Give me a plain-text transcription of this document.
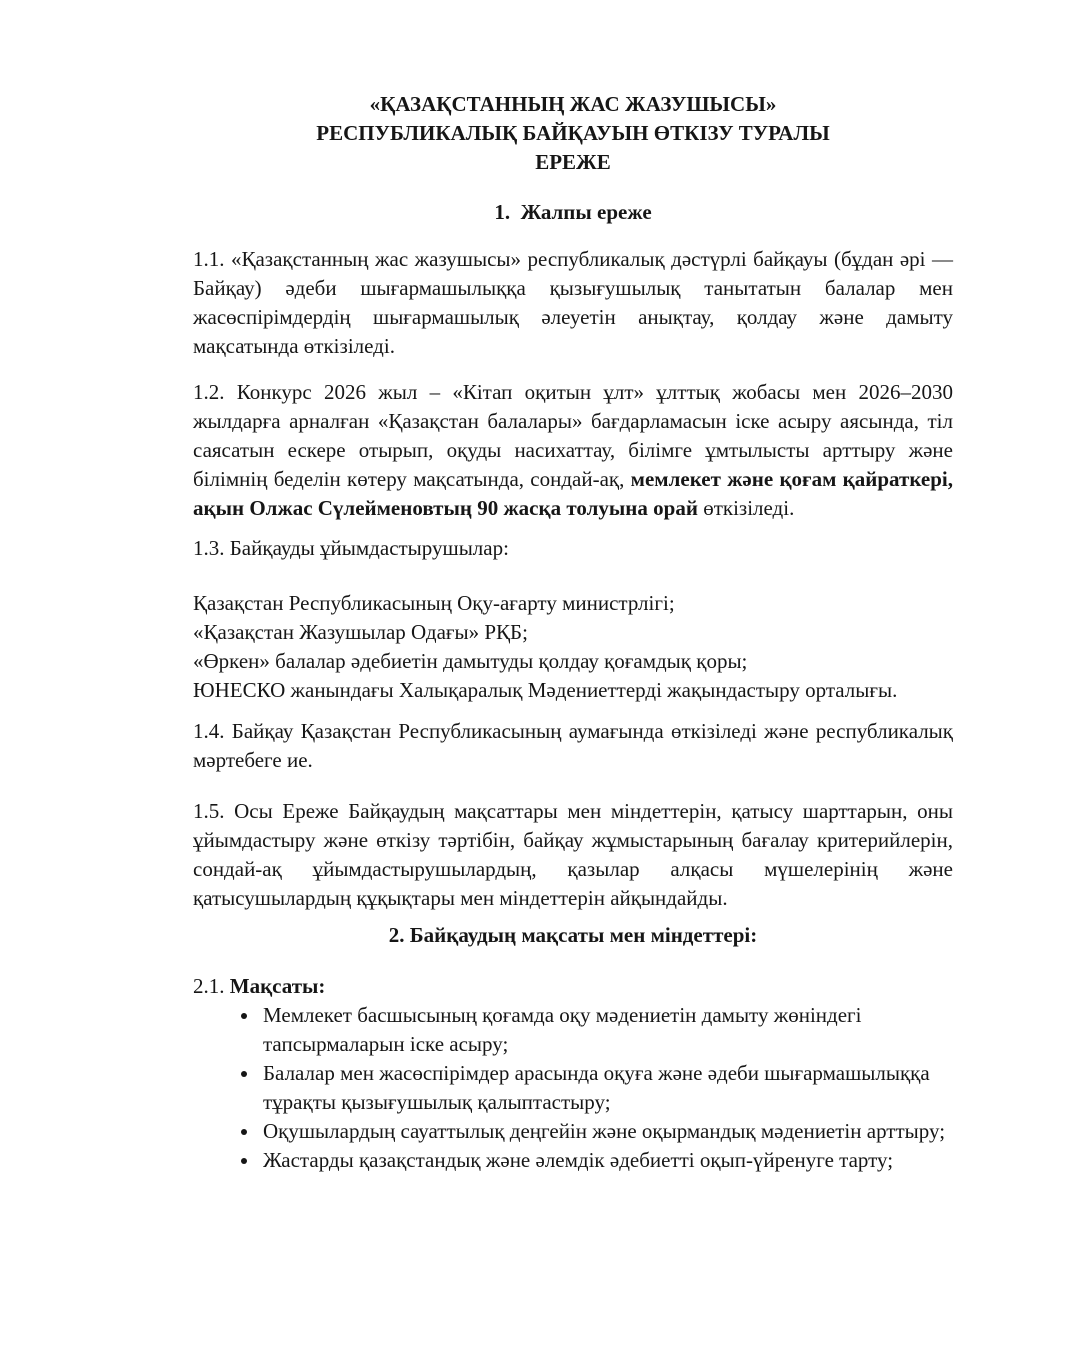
«ҚАЗАҚСТАННЫҢ ЖАС ЖАЗУШЫСЫ»
РЕСПУБЛИКАЛЫҚ БАЙҚАУЫН ӨТКІЗУ ТУРАЛЫ
ЕРЕЖЕ
1.  Жалпы ереже

1.1. «Қазақстанның жас жазушысы» республикалық дәстүрлі байқауы (бұдан әрі — Байқау) әдеби шығармашылыққа қызығушылық танытатын балалар мен жасөспірімдердің шығармашылық әлеуетін анықтау, қолдау және дамыту мақсатында өткізіледі.

1.2. Конкурс 2026 жыл – «Кітап оқитын ұлт» ұлттық жобасы мен 2026–2030 жылдарға арналған «Қазақстан балалары» бағдарламасын іске асыру аясында, тіл саясатын ескере отырып, оқуды насихаттау, білімге ұмтылысты арттыру және білімнің беделін көтеру мақсатында, сондай-ақ, мемлекет және қоғам қайраткері, ақын Олжас Сүлейменовтың 90 жасқа толуына орай өткізіледі.

1.3. Байқауды ұйымдастырушылар:

Қазақстан Республикасының Оқу-ағарту министрлігі;

«Қазақстан Жазушылар Одағы» РҚБ;

«Өркен» балалар әдебиетін дамытуды қолдау қоғамдық қоры;

ЮНЕСКО жанындағы Халықаралық Мәдениеттерді жақындастыру орталығы.

1.4. Байқау Қазақстан Республикасының аумағында өткізіледі және республикалық мәртебеге ие.

1.5. Осы Ереже Байқаудың мақсаттары мен міндеттерін, қатысу шарттарын, оны ұйымдастыру және өткізу тәртібін, байқау жұмыстарының бағалау критерийлерін, сондай-ақ ұйымдастырушылардың, қазылар алқасы мүшелерінің және қатысушылардың құқықтары мен міндеттерін айқындайды.

2. Байқаудың мақсаты мен міндеттері:

2.1. Мақсаты:

• Мемлекет басшысының қоғамда оқу мәдениетін дамыту жөніндегі тапсырмаларын іске асыру;
• Балалар мен жасөспірімдер арасында оқуға және әдеби шығармашылыққа тұрақты қызығушылық қалыптастыру;
• Оқушылардың сауаттылық деңгейін және оқырмандық мәдениетін арттыру;
• Жастарды қазақстандық және әлемдік әдебиетті оқып-үйренуге тарту;
